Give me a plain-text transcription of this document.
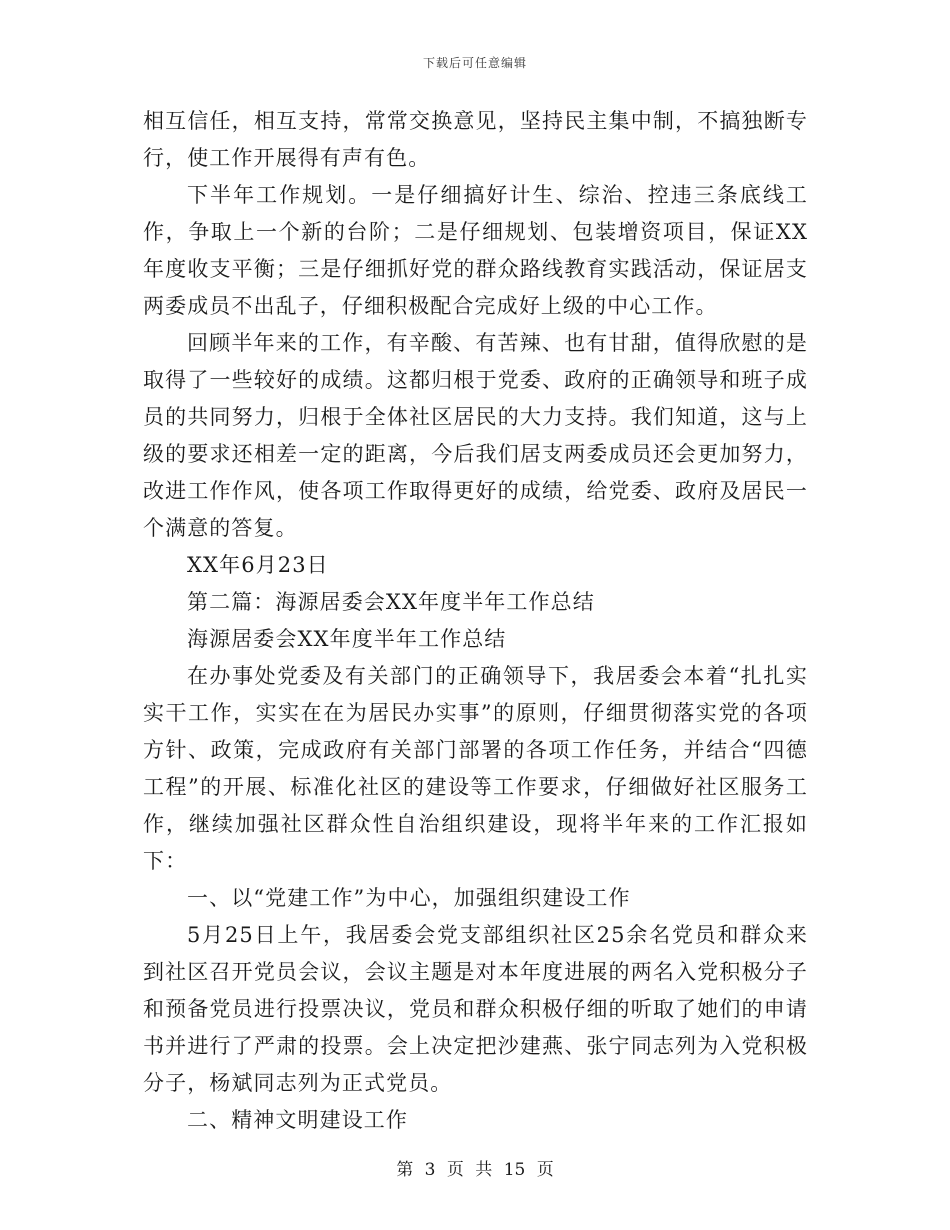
下载后可任意编辑

相互信任，相互支持，常常交换意见，坚持民主集中制，不搞独断专行，使工作开展得有声有色。

下半年工作规划。一是仔细搞好计生、综治、控违三条底线工作，争取上一个新的台阶；二是仔细规划、包装增资项目，保证XX年度收支平衡；三是仔细抓好党的群众路线教育实践活动，保证居支两委成员不出乱子，仔细积极配合完成好上级的中心工作。

回顾半年来的工作，有辛酸、有苦辣、也有甘甜，值得欣慰的是取得了一些较好的成绩。这都归根于党委、政府的正确领导和班子成员的共同努力，归根于全体社区居民的大力支持。我们知道，这与上级的要求还相差一定的距离，今后我们居支两委成员还会更加努力，改进工作作风，使各项工作取得更好的成绩，给党委、政府及居民一个满意的答复。

XX年6月23日

第二篇：海源居委会XX年度半年工作总结

海源居委会XX年度半年工作总结

在办事处党委及有关部门的正确领导下，我居委会本着“扎扎实实干工作，实实在在为居民办实事”的原则，仔细贯彻落实党的各项方针、政策，完成政府有关部门部署的各项工作任务，并结合“四德工程”的开展、标准化社区的建设等工作要求，仔细做好社区服务工作，继续加强社区群众性自治组织建设，现将半年来的工作汇报如下：

一、以“党建工作”为中心，加强组织建设工作

5月25日上午，我居委会党支部组织社区25余名党员和群众来到社区召开党员会议，会议主题是对本年度进展的两名入党积极分子和预备党员进行投票决议，党员和群众积极仔细的听取了她们的申请书并进行了严肃的投票。会上决定把沙建燕、张宁同志列为入党积极分子，杨斌同志列为正式党员。

二、精神文明建设工作

第 3 页 共 15 页
